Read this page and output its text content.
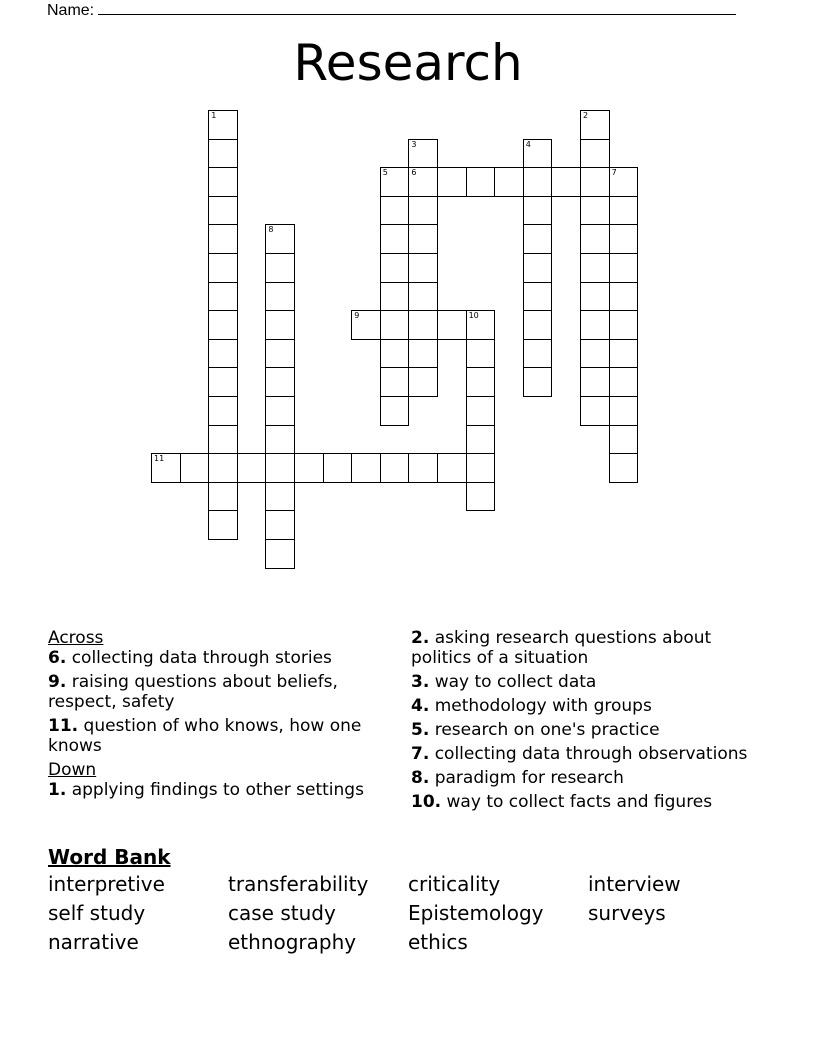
Name:
Research
1	2
3	4
5	6	7
8
9	10
11
Across
6. collecting data through stories
9. raising questions about beliefs, respect, safety
11. question of who knows, how one knows
Down
1. applying findings to other settings
2. asking research questions about politics of a situation
3. way to collect data
4. methodology with groups
5. research on one's practice
7. collecting data through observations
8. paradigm for research
10. way to collect facts and figures
Word Bank
interpretive	transferability	criticality	interview
self study	case study	Epistemology	surveys
narrative	ethnography	ethics
